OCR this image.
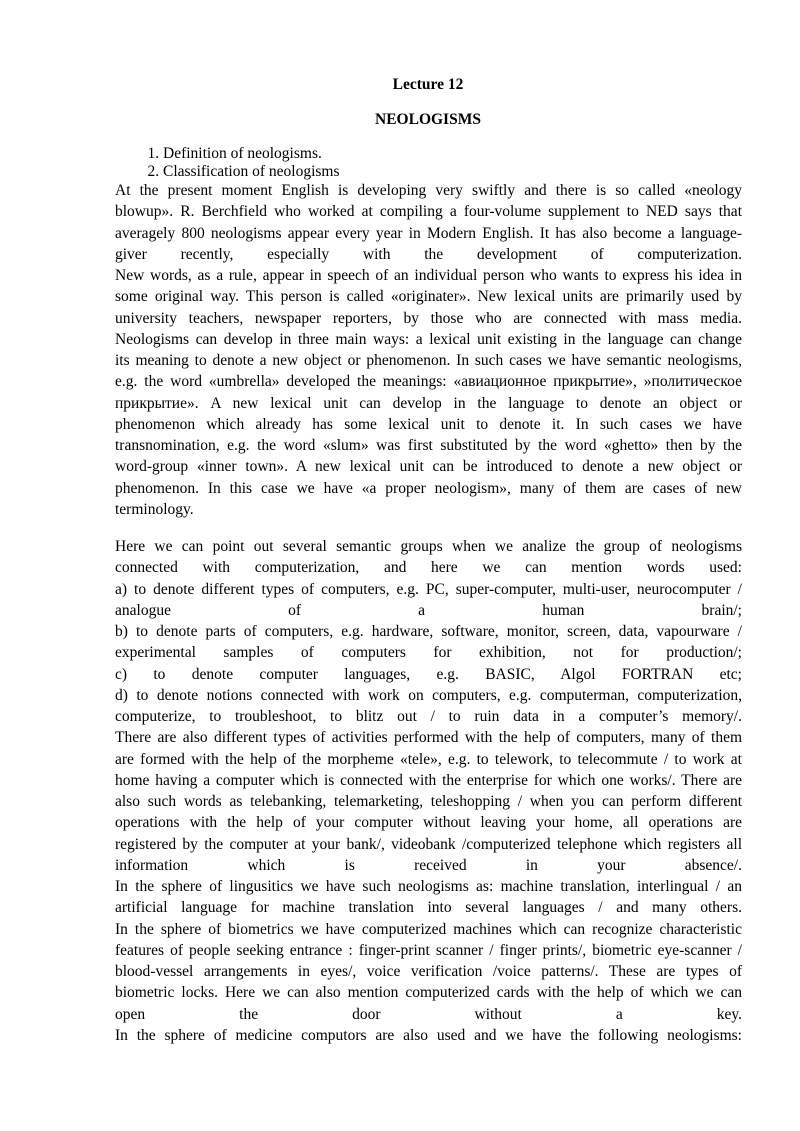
Lecture 12
NEOLOGISMS
1. Definition of neologisms.
2. Classification of neologisms
At the present moment English is developing very swiftly and there is so called «neology
blowup». R. Berchfield who worked at compiling a four-volume supplement to NED says that
averagely 800 neologisms appear every year in Modern English. It has also become a language-
giver recently, especially with the development of computerization.
New words, as a rule, appear in speech of an individual person who wants to express his idea in
some original way. This person is called «originater». New lexical units are primarily used by
university teachers, newspaper reporters, by those who are connected with mass media.
Neologisms can develop in three main ways: a lexical unit existing in the language can change
its meaning to denote a new object or phenomenon. In such cases we have semantic neologisms,
e.g. the word «umbrella» developed the meanings: «авиационное прикрытие», »политическое
прикрытие». A new lexical unit can develop in the language to denote an object or
phenomenon which already has some lexical unit to denote it. In such cases we have
transnomination, e.g. the word «slum» was first substituted by the word «ghetto» then by the
word-group «inner town». A new lexical unit can be introduced to denote a new object or
phenomenon. In this case we have «a proper neologism», many of them are cases of new
terminology.
Here we can point out several semantic groups when we analize the group of neologisms
connected with computerization, and here we can mention words used:
a) to denote different types of computers, e.g. PC, super-computer, multi-user, neurocomputer /
analogue of a human brain/;
b) to denote parts of computers, e.g. hardware, software, monitor, screen, data, vapourware /
experimental samples of computers for exhibition, not for production/;
c) to denote computer languages, e.g. BASIC, Algol FORTRAN etc;
d) to denote notions connected with work on computers, e.g. computerman, computerization,
computerize, to troubleshoot, to blitz out / to ruin data in a computer’s memory/.
There are also different types of activities performed with the help of computers, many of them
are formed with the help of the morpheme «tele», e.g. to telework, to telecommute / to work at
home having a computer which is connected with the enterprise for which one works/. There are
also such words as telebanking, telemarketing, teleshopping / when you can perform different
operations with the help of your computer without leaving your home, all operations are
registered by the computer at your bank/, videobank /computerized telephone which registers all
information which is received in your absence/.
In the sphere of lingusitics we have such neologisms as: machine translation, interlingual / an
artificial language for machine translation into several languages / and many others.
In the sphere of biometrics we have computerized machines which can recognize characteristic
features of people seeking entrance : finger-print scanner / finger prints/, biometric eye-scanner /
blood-vessel arrangements in eyes/, voice verification /voice patterns/. These are types of
biometric locks. Here we can also mention computerized cards with the help of which we can
open the door without a key.
In the sphere of medicine computors are also used and we have the following neologisms:
